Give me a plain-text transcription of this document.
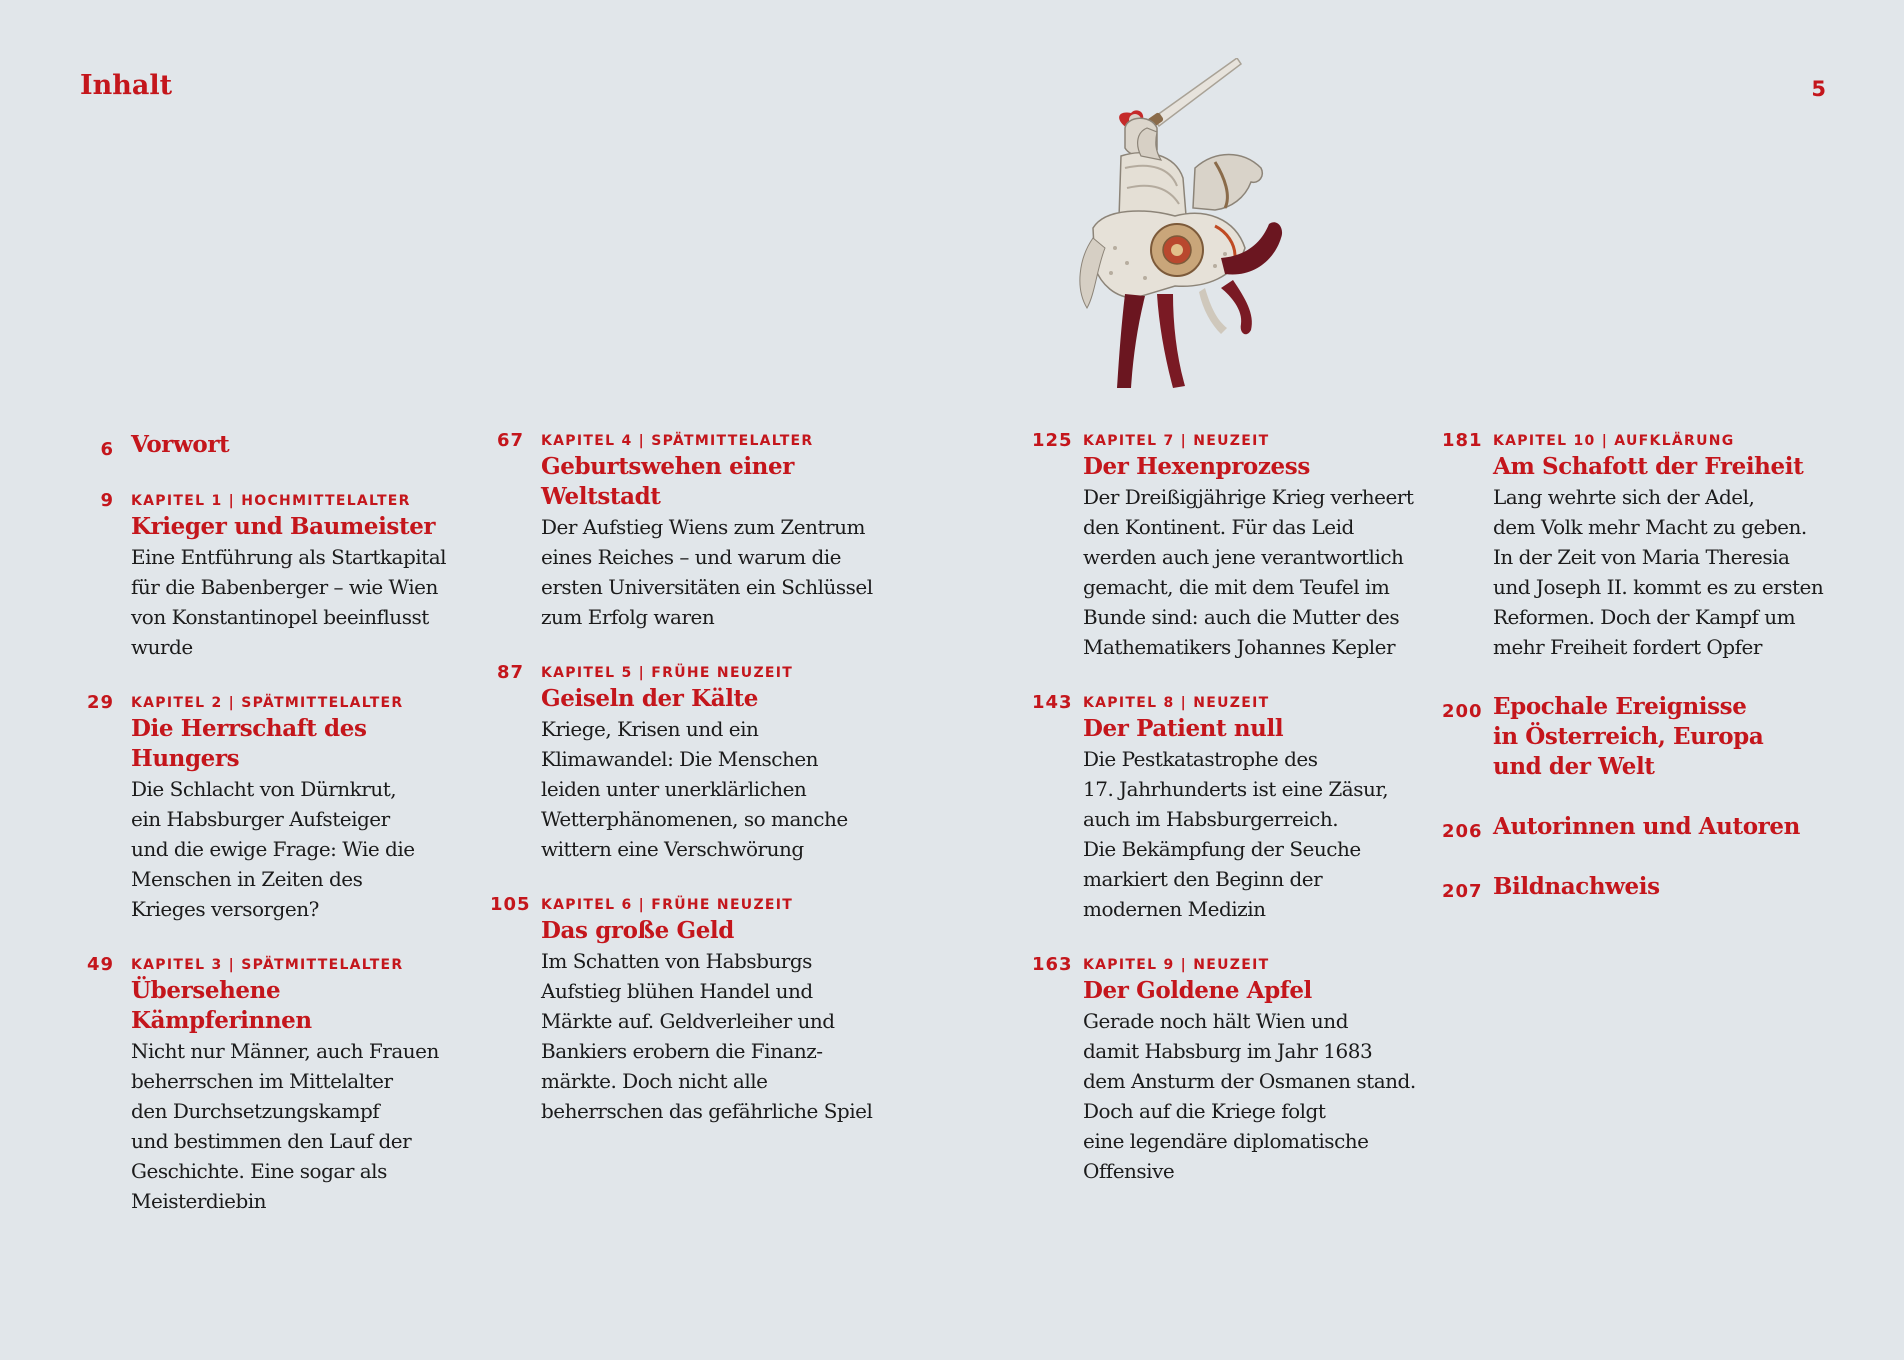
Inhalt	5
6 Vorwort
9 KAPITEL 1 | HOCHMITTELALTER
Krieger und Baumeister
Eine Entführung als Startkapital
für die Babenberger – wie Wien
von Konstantinopel beeinflusst
wurde
29 KAPITEL 2 | SPÄTMITTELALTER
Die Herrschaft des Hungers
Die Schlacht von Dürnkrut,
ein Habsburger Aufsteiger
und die ewige Frage: Wie die
Menschen in Zeiten des
Krieges versorgen?
49 KAPITEL 3 | SPÄTMITTELALTER
Übersehene Kämpferinnen
Nicht nur Männer, auch Frauen
beherrschen im Mittelalter
den Durchsetzungskampf
und bestimmen den Lauf der
Geschichte. Eine sogar als
Meisterdiebin
67 KAPITEL 4 | SPÄTMITTELALTER
Geburtswehen einer
Weltstadt
Der Aufstieg Wiens zum Zentrum
eines Reiches – und warum die
ersten Universitäten ein Schlüssel
zum Erfolg waren
87 KAPITEL 5 | FRÜHE NEUZEIT
Geiseln der Kälte
Kriege, Krisen und ein
Klimawandel: Die Menschen
leiden unter unerklärlichen
Wetterphänomenen, so manche
wittern eine Verschwörung
105 KAPITEL 6 | FRÜHE NEUZEIT
Das große Geld
Im Schatten von Habsburgs
Aufstieg blühen Handel und
Märkte auf. Geldverleiher und
Bankiers erobern die Finanz-
märkte. Doch nicht alle
beherrschen das gefährliche Spiel
125 KAPITEL 7 | NEUZEIT
Der Hexenprozess
Der Dreißigjährige Krieg verheert
den Kontinent. Für das Leid
werden auch jene verantwortlich
gemacht, die mit dem Teufel im
Bunde sind: auch die Mutter des
Mathematikers Johannes Kepler
143 KAPITEL 8 | NEUZEIT
Der Patient null
Die Pestkatastrophe des
17. Jahrhunderts ist eine Zäsur,
auch im Habsburgerreich.
Die Bekämpfung der Seuche
markiert den Beginn der
modernen Medizin
163 KAPITEL 9 | NEUZEIT
Der Goldene Apfel
Gerade noch hält Wien und
damit Habsburg im Jahr 1683
dem Ansturm der Osmanen stand.
Doch auf die Kriege folgt
eine legendäre diplomatische
Offensive
181 KAPITEL 10 | AUFKLÄRUNG
Am Schafott der Freiheit
Lang wehrte sich der Adel,
dem Volk mehr Macht zu geben.
In der Zeit von Maria Theresia
und Joseph II. kommt es zu ersten
Reformen. Doch der Kampf um
mehr Freiheit fordert Opfer
200 Epochale Ereignisse
in Österreich, Europa
und der Welt
206 Autorinnen und Autoren
207 Bildnachweis
